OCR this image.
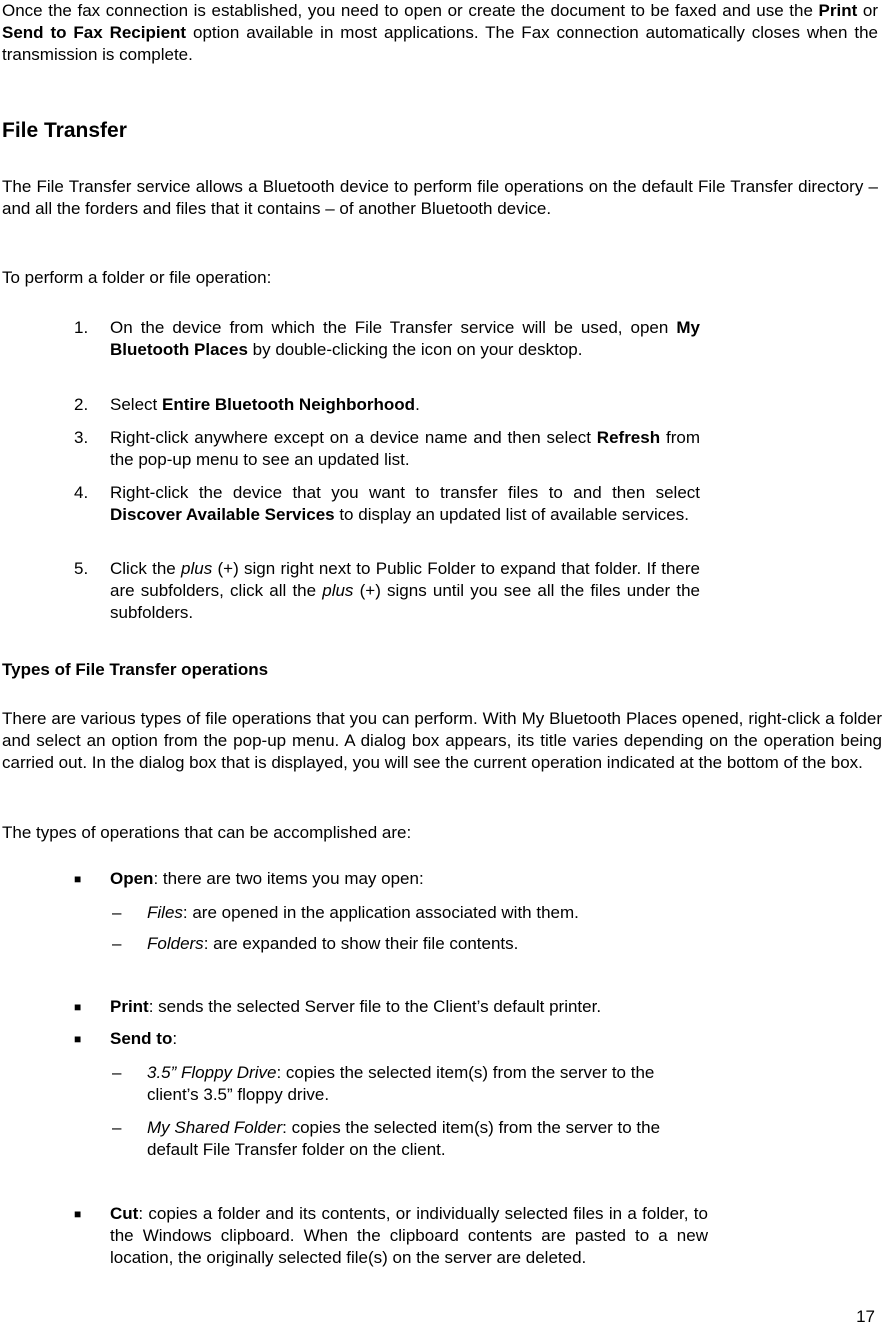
Once the fax connection is established, you need to open or create the document to be faxed and use the Print or Send to Fax Recipient option available in most applications. The Fax connection automatically closes when the transmission is complete.

File Transfer

The File Transfer service allows a Bluetooth device to perform file operations on the default File Transfer directory – and all the forders and files that it contains – of another Bluetooth device.

To perform a folder or file operation:

1. On the device from which the File Transfer service will be used, open My Bluetooth Places by double-clicking the icon on your desktop.
2. Select Entire Bluetooth Neighborhood.
3. Right-click anywhere except on a device name and then select Refresh from the pop-up menu to see an updated list.
4. Right-click the device that you want to transfer files to and then select Discover Available Services to display an updated list of available services.
5. Click the plus (+) sign right next to Public Folder to expand that folder. If there are subfolders, click all the plus (+) signs until you see all the files under the subfolders.
Types of File Transfer operations

There are various types of file operations that you can perform. With My Bluetooth Places opened, right-click a folder and select an option from the pop-up menu. A dialog box appears, its title varies depending on the operation being carried out. In the dialog box that is displayed, you will see the current operation indicated at the bottom of the box.

The types of operations that can be accomplished are:

■ Open: there are two items you may open:
– Files: are opened in the application associated with them.
– Folders: are expanded to show their file contents.
■ Print: sends the selected Server file to the Client’s default printer.
■ Send to:
– 3.5” Floppy Drive: copies the selected item(s) from the server to the client’s 3.5” floppy drive.
– My Shared Folder: copies the selected item(s) from the server to the default File Transfer folder on the client.
■ Cut: copies a folder and its contents, or individually selected files in a folder, to the Windows clipboard. When the clipboard contents are pasted to a new location, the originally selected file(s) on the server are deleted.
17
